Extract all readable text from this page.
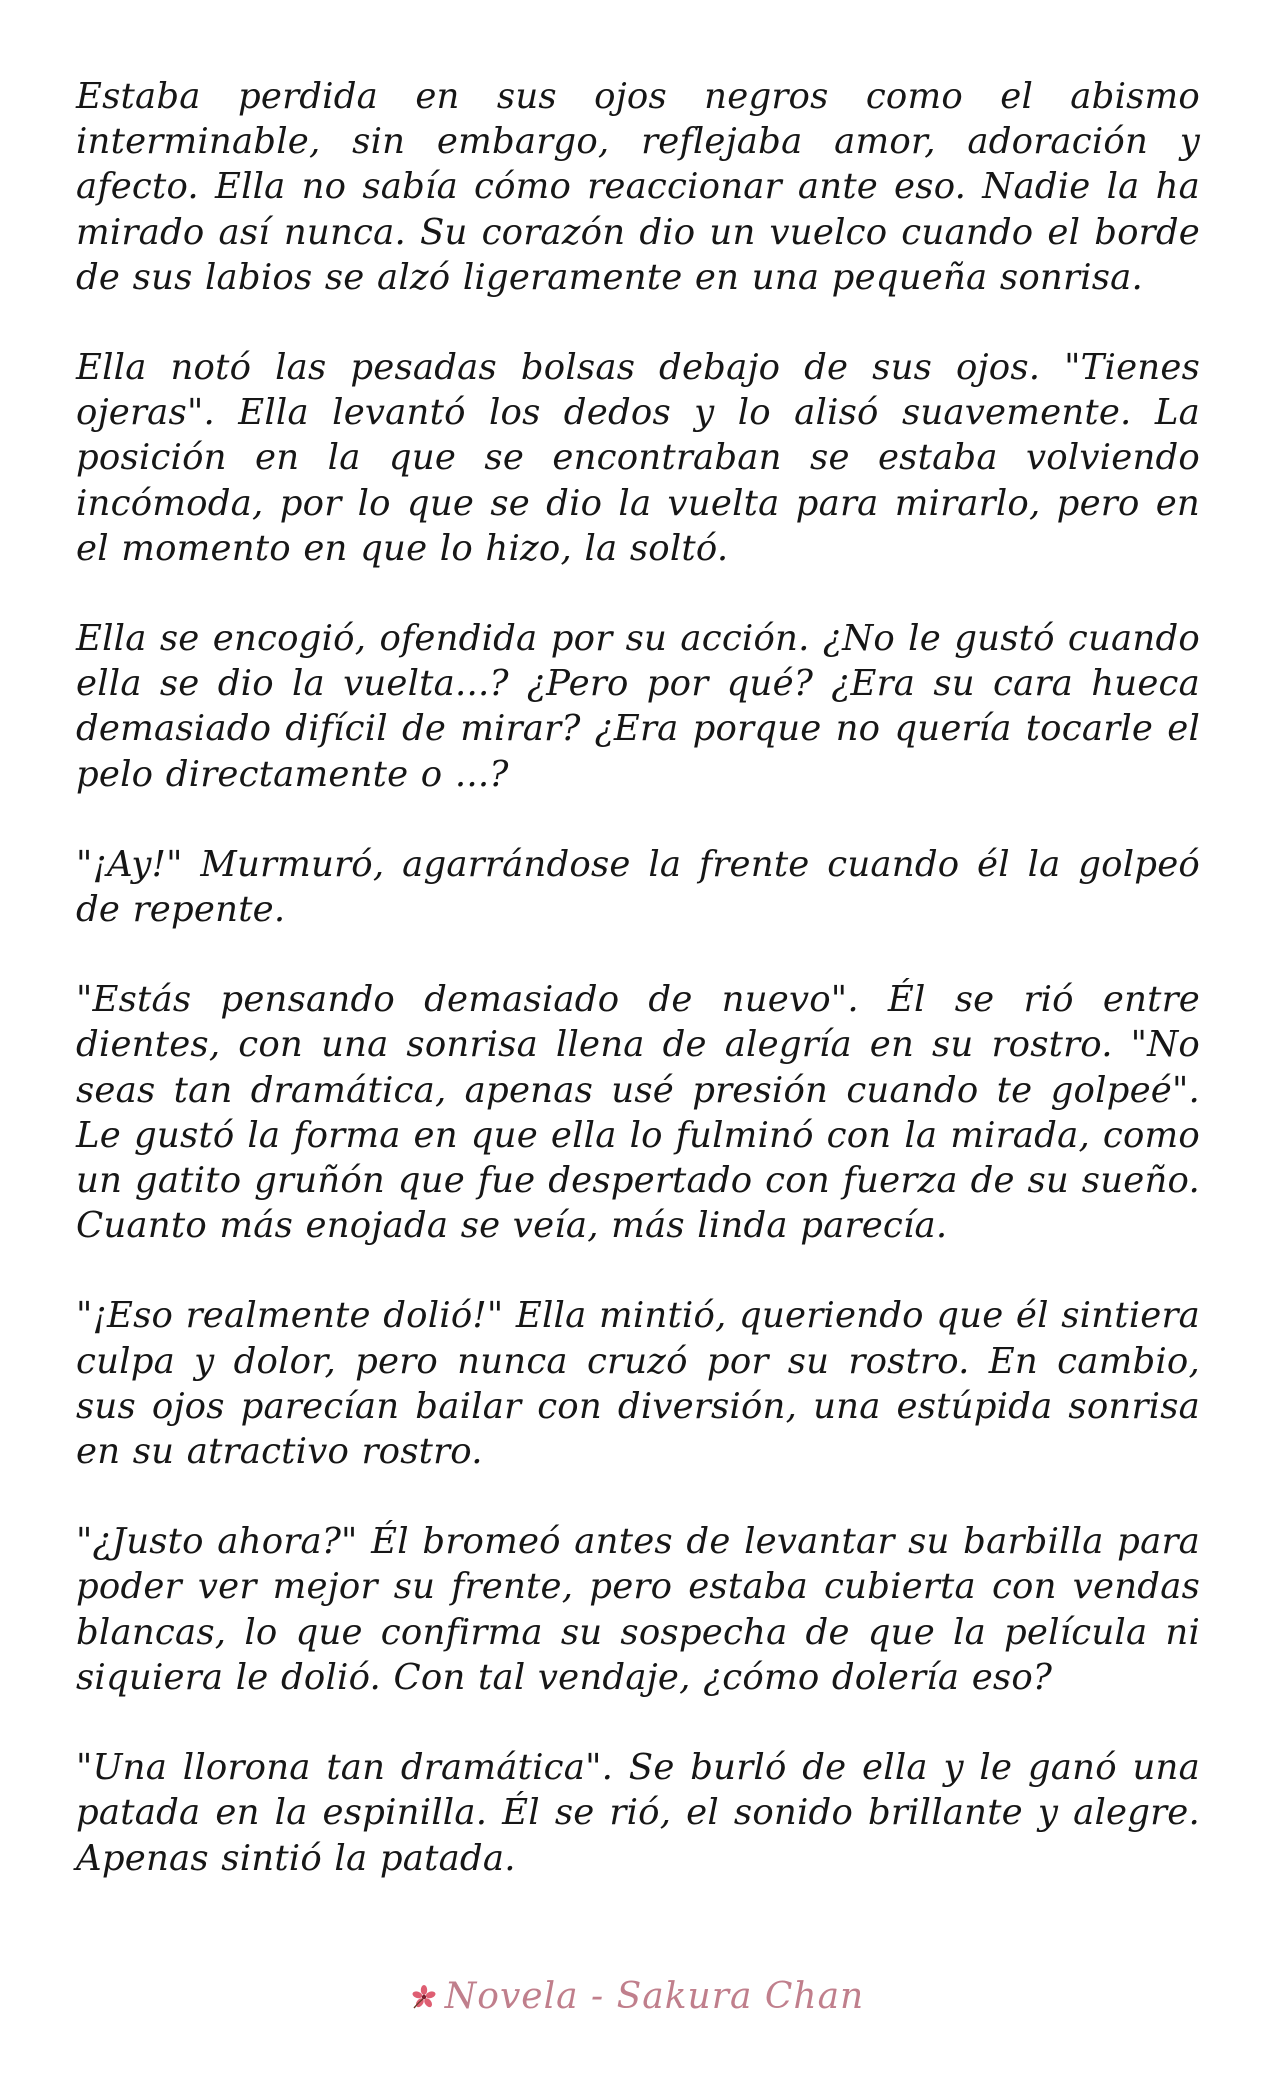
Estaba perdida en sus ojos negros como el abismo interminable, sin embargo, reflejaba amor, adoración y afecto. Ella no sabía cómo reaccionar ante eso. Nadie la ha mirado así nunca. Su corazón dio un vuelco cuando el borde de sus labios se alzó ligeramente en una pequeña sonrisa.

Ella notó las pesadas bolsas debajo de sus ojos. "Tienes ojeras". Ella levantó los dedos y lo alisó suavemente. La posición en la que se encontraban se estaba volviendo incómoda, por lo que se dio la vuelta para mirarlo, pero en el momento en que lo hizo, la soltó.

Ella se encogió, ofendida por su acción. ¿No le gustó cuando ella se dio la vuelta...? ¿Pero por qué? ¿Era su cara hueca demasiado difícil de mirar? ¿Era porque no quería tocarle el pelo directamente o ...?

"¡Ay!" Murmuró, agarrándose la frente cuando él la golpeó de repente.

"Estás pensando demasiado de nuevo". Él se rió entre dientes, con una sonrisa llena de alegría en su rostro. "No seas tan dramática, apenas usé presión cuando te golpeé". Le gustó la forma en que ella lo fulminó con la mirada, como un gatito gruñón que fue despertado con fuerza de su sueño. Cuanto más enojada se veía, más linda parecía.

"¡Eso realmente dolió!" Ella mintió, queriendo que él sintiera culpa y dolor, pero nunca cruzó por su rostro. En cambio, sus ojos parecían bailar con diversión, una estúpida sonrisa en su atractivo rostro.

"¿Justo ahora?" Él bromeó antes de levantar su barbilla para poder ver mejor su frente, pero estaba cubierta con vendas blancas, lo que confirma su sospecha de que la película ni siquiera le dolió. Con tal vendaje, ¿cómo dolería eso?

"Una llorona tan dramática". Se burló de ella y le ganó una patada en la espinilla. Él se rió, el sonido brillante y alegre. Apenas sintió la patada.

Novela - Sakura Chan
